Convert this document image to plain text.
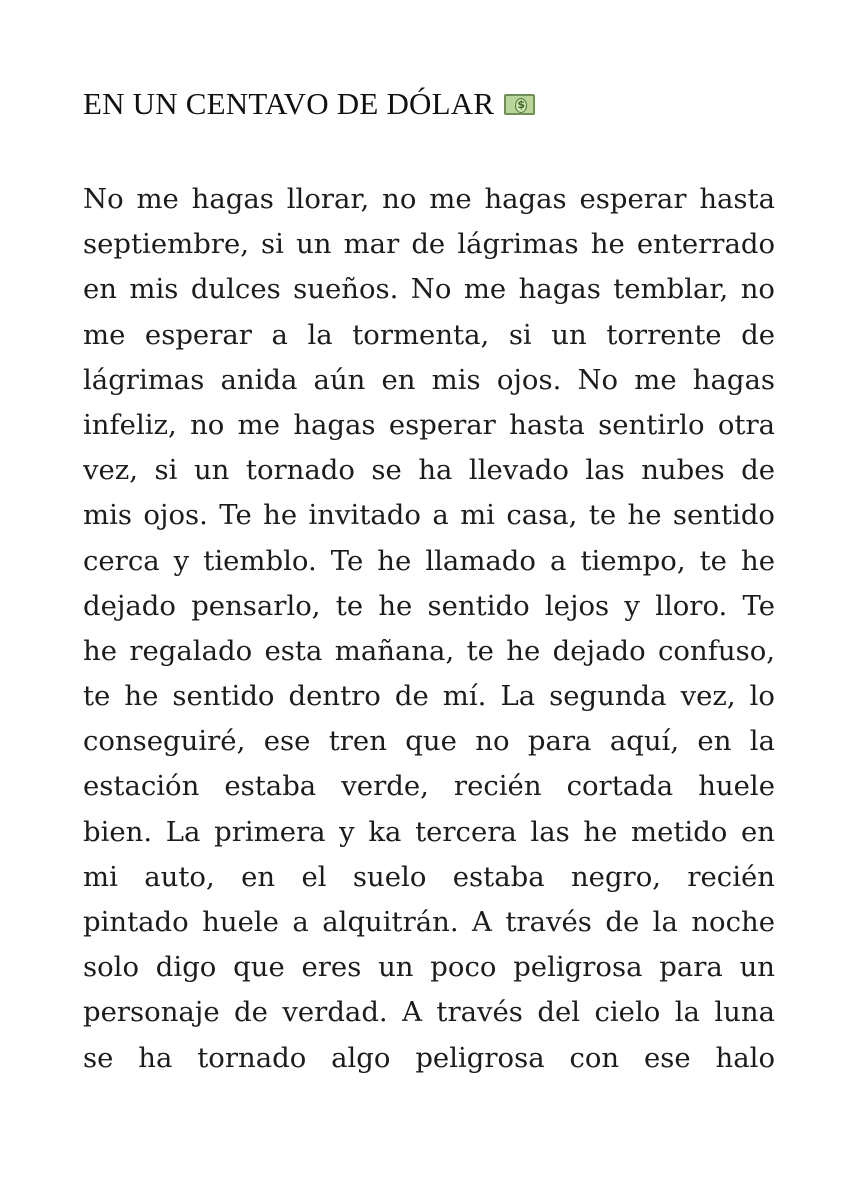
EN UN CENTAVO DE DÓLAR
$
No me hagas llorar, no me hagas esperar hasta
septiembre, si un mar de lágrimas he enterrado
en mis dulces sueños. No me hagas temblar, no
me esperar a la tormenta, si un torrente de
lágrimas anida aún en mis ojos. No me hagas
infeliz, no me hagas esperar hasta sentirlo otra
vez, si un tornado se ha llevado las nubes de
mis ojos. Te he invitado a mi casa, te he sentido
cerca y tiemblo. Te he llamado a tiempo, te he
dejado pensarlo, te he sentido lejos y lloro. Te
he regalado esta mañana, te he dejado confuso,
te he sentido dentro de mí. La segunda vez, lo
conseguiré, ese tren que no para aquí, en la
estación estaba verde, recién cortada huele
bien. La primera y ka tercera las he metido en
mi auto, en el suelo estaba negro, recién
pintado huele a alquitrán. A través de la noche
solo digo que eres un poco peligrosa para un
personaje de verdad. A través del cielo la luna
se ha tornado algo peligrosa con ese halo
